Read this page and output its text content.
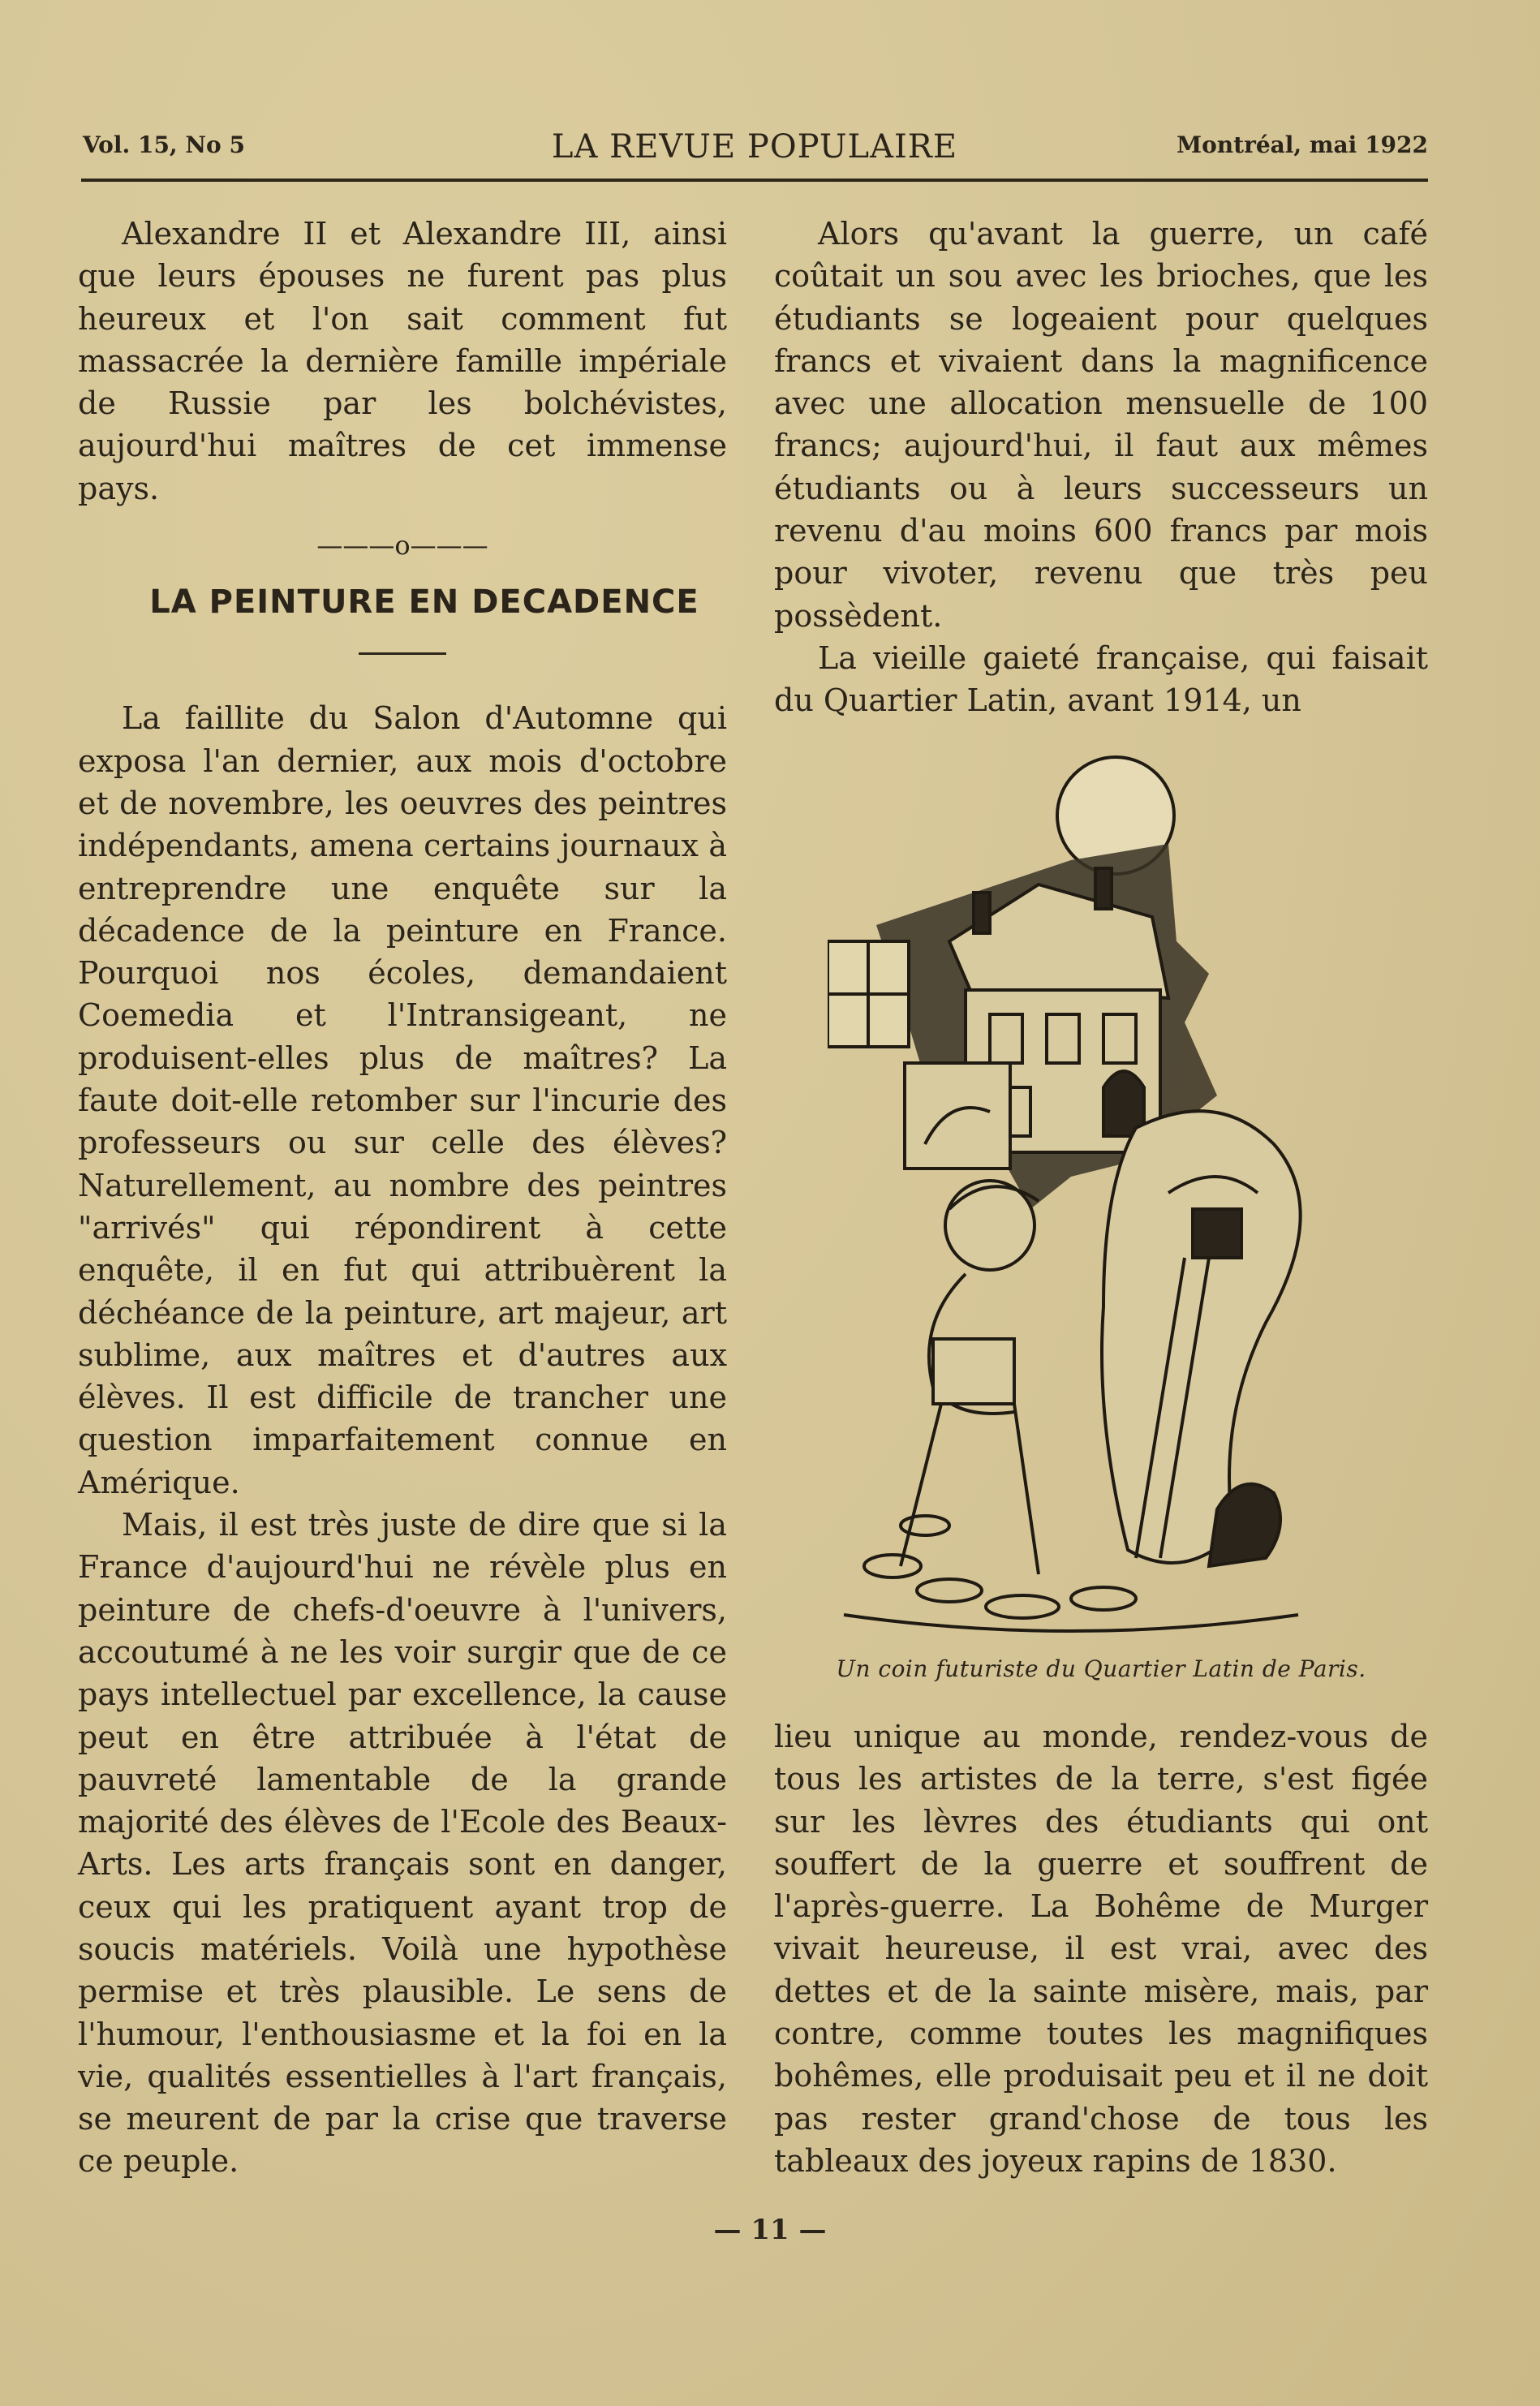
Vol. 15, No 5	LA REVUE POPULAIRE	Montréal, mai 1922

Alexandre II et Alexandre III, ainsi que leurs épouses ne furent pas plus heureux et l'on sait comment fut massacrée la dernière famille impériale de Russie par les bolchévistes, aujourd'hui maîtres de cet immense pays.

———o———

LA PEINTURE EN DECADENCE

La faillite du Salon d'Automne qui exposa l'an dernier, aux mois d'octobre et de novembre, les oeuvres des peintres indépendants, amena certains journaux à entreprendre une enquête sur la décadence de la peinture en France. Pourquoi nos écoles, demandaient Coemedia et l'Intransigeant, ne produisent-elles plus de maîtres? La faute doit-elle retomber sur l'incurie des professeurs ou sur celle des élèves? Naturellement, au nombre des peintres "arrivés" qui répondirent à cette enquête, il en fut qui attribuèrent la déchéance de la peinture, art majeur, art sublime, aux maîtres et d'autres aux élèves. Il est difficile de trancher une question imparfaitement connue en Amérique.

Mais, il est très juste de dire que si la France d'aujourd'hui ne révèle plus en peinture de chefs-d'oeuvre à l'univers, accoutumé à ne les voir surgir que de ce pays intellectuel par excellence, la cause peut en être attribuée à l'état de pauvreté lamentable de la grande majorité des élèves de l'Ecole des Beaux-Arts. Les arts français sont en danger, ceux qui les pratiquent ayant trop de soucis matériels. Voilà une hypothèse permise et très plausible. Le sens de l'humour, l'enthousiasme et la foi en la vie, qualités essentielles à l'art français, se meurent de par la crise que traverse ce peuple.

Alors qu'avant la guerre, un café coûtait un sou avec les brioches, que les étudiants se logeaient pour quelques francs et vivaient dans la magnificence avec une allocation mensuelle de 100 francs; aujourd'hui, il faut aux mêmes étudiants ou à leurs successeurs un revenu d'au moins 600 francs par mois pour vivoter, revenu que très peu possèdent.

La vieille gaieté française, qui faisait du Quartier Latin, avant 1914, un

Un coin futuriste du Quartier Latin de Paris.

lieu unique au monde, rendez-vous de tous les artistes de la terre, s'est figée sur les lèvres des étudiants qui ont souffert de la guerre et souffrent de l'après-guerre. La Bohême de Murger vivait heureuse, il est vrai, avec des dettes et de la sainte misère, mais, par contre, comme toutes les magnifiques bohêmes, elle produisait peu et il ne doit pas rester grand'chose de tous les tableaux des joyeux rapins de 1830.

— 11 —
